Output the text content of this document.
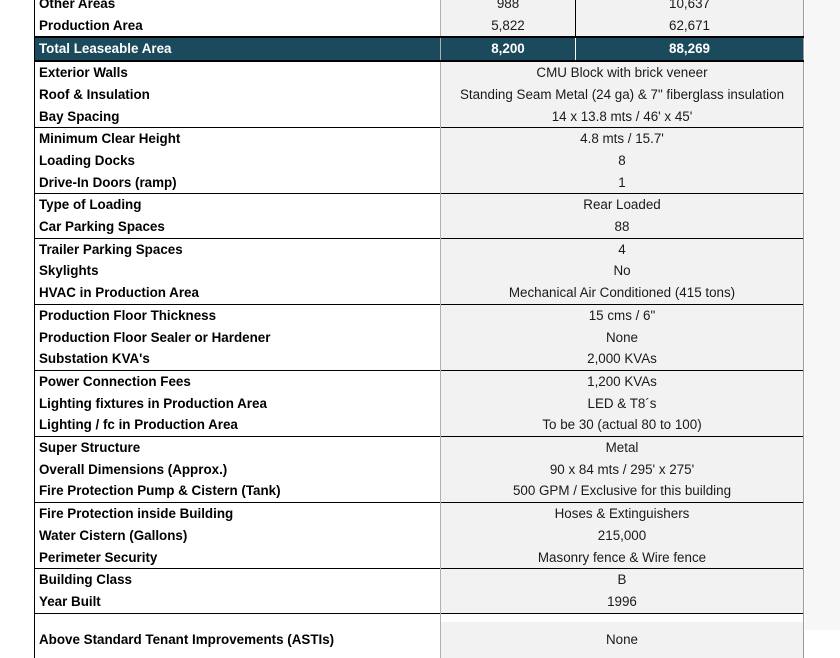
Other Areas	988	10,637
Production Area	5,822	62,671
Total Leaseable Area	8,200	88,269
Exterior Walls	CMU Block with brick veneer	
Roof & Insulation	Standing Seam Metal (24 ga) & 7" fiberglass insulation	
Bay Spacing	14 x 13.8 mts / 46' x 45'	
Minimum Clear Height	4.8 mts / 15.7'	
Loading Docks	8	
Drive-In Doors (ramp)	1	
Type of Loading	Rear Loaded	
Car Parking Spaces	88	
Trailer Parking Spaces	4	
Skylights	No	
HVAC in Production Area	Mechanical Air Conditioned (415 tons)	
Production Floor Thickness	15 cms / 6"	
Production Floor Sealer or Hardener	None	
Substation KVA's	2,000 KVAs	
Power Connection Fees	1,200 KVAs	
Lighting fixtures in Production Area	LED & T8´s	
Lighting / fc in Production Area	To be 30 (actual 80 to 100)	
Super Structure	Metal	
Overall Dimensions (Approx.)	90 x 84 mts / 295' x 275'	
Fire Protection Pump & Cistern (Tank)	500 GPM / Exclusive for this building	
Fire Protection inside Building	Hoses & Extinguishers	
Water Cistern (Gallons)	215,000	
Perimeter Security	Masonry fence & Wire fence	
Building Class	B	
Year Built	1996	

Above Standard Tenant Improvements (ASTIs)	None	
